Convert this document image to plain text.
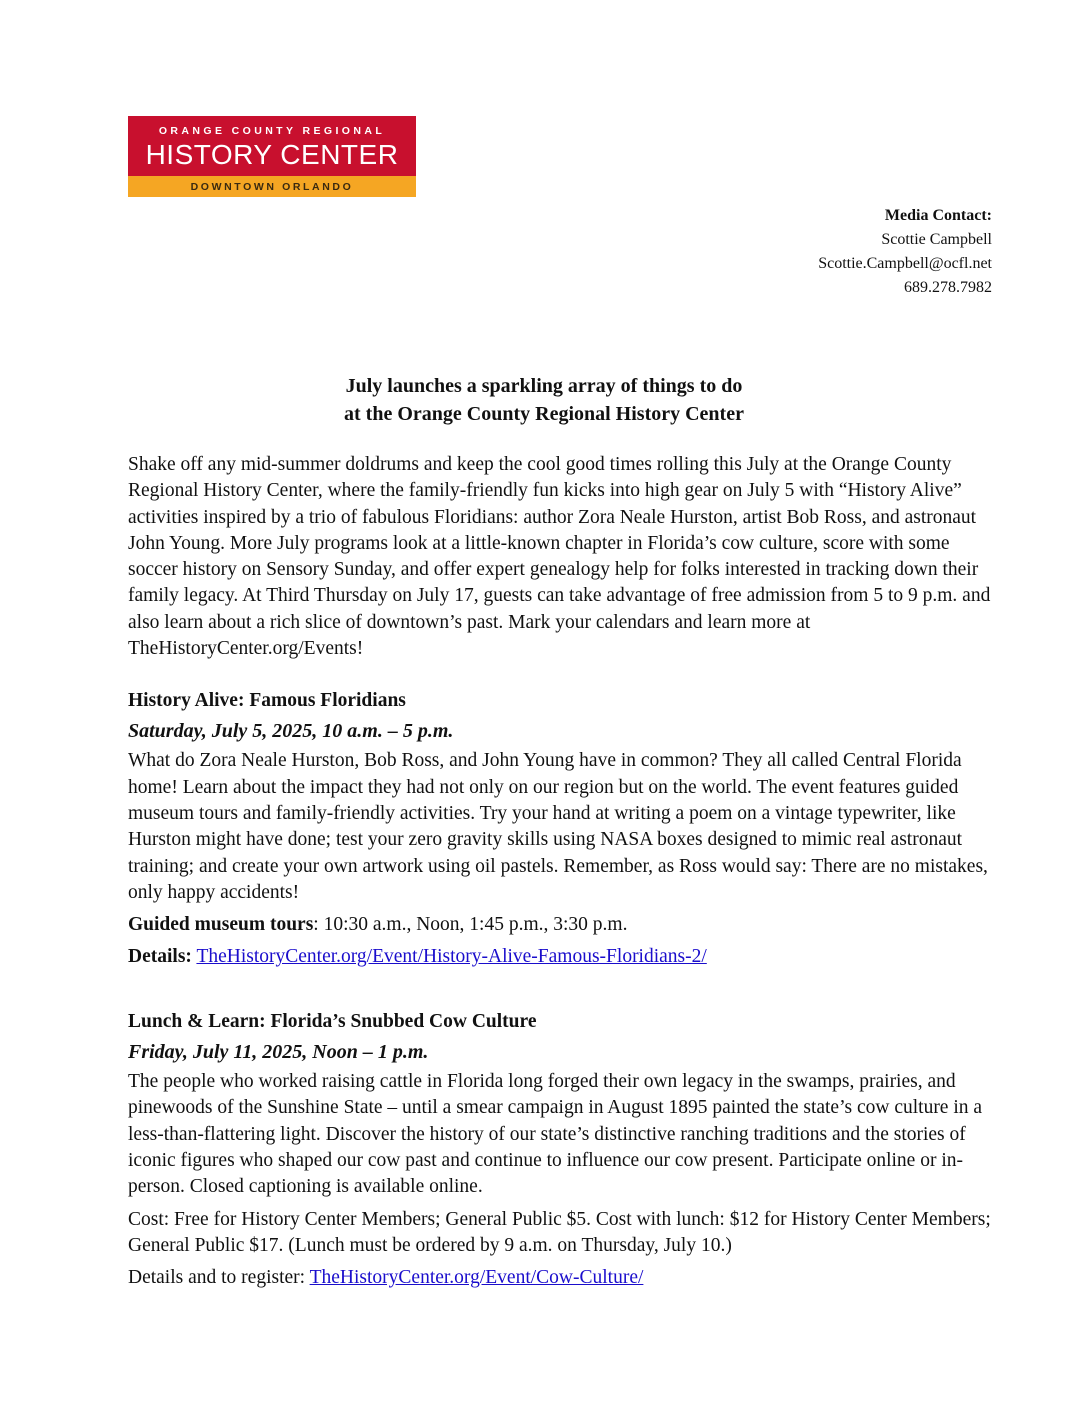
ORANGE COUNTY REGIONAL
HISTORY CENTER
DOWNTOWN ORLANDO
Media Contact:
Scottie Campbell
Scottie.Campbell@ocfl.net
689.278.7982
July launches a sparkling array of things to do
at the Orange County Regional History Center

Shake off any mid-summer doldrums and keep the cool good times rolling this July at the Orange County Regional History Center, where the family-friendly fun kicks into high gear on July 5 with “History Alive” activities inspired by a trio of fabulous Floridians: author Zora Neale Hurston, artist Bob Ross, and astronaut John Young. More July programs look at a little-known chapter in Florida’s cow culture, score with some soccer history on Sensory Sunday, and offer expert genealogy help for folks interested in tracking down their family legacy. At Third Thursday on July 17, guests can take advantage of free admission from 5 to 9 p.m. and also learn about a rich slice of downtown’s past. Mark your calendars and learn more at TheHistoryCenter.org/Events!

History Alive: Famous Floridians

Saturday, July 5, 2025, 10 a.m. – 5 p.m.

What do Zora Neale Hurston, Bob Ross, and John Young have in common? They all called Central Florida home! Learn about the impact they had not only on our region but on the world. The event features guided museum tours and family-friendly activities. Try your hand at writing a poem on a vintage typewriter, like Hurston might have done; test your zero gravity skills using NASA boxes designed to mimic real astronaut training; and create your own artwork using oil pastels. Remember, as Ross would say: There are no mistakes, only happy accidents!

Guided museum tours: 10:30 a.m., Noon, 1:45 p.m., 3:30 p.m.

Details: TheHistoryCenter.org/Event/History-Alive-Famous-Floridians-2/

Lunch & Learn: Florida’s Snubbed Cow Culture

Friday, July 11, 2025, Noon – 1 p.m.

The people who worked raising cattle in Florida long forged their own legacy in the swamps, prairies, and pinewoods of the Sunshine State – until a smear campaign in August 1895 painted the state’s cow culture in a less-than-flattering light. Discover the history of our state’s distinctive ranching traditions and the stories of iconic figures who shaped our cow past and continue to influence our cow present. Participate online or in-person. Closed captioning is available online.

Cost: Free for History Center Members; General Public $5. Cost with lunch: $12 for History Center Members; General Public $17. (Lunch must be ordered by 9 a.m. on Thursday, July 10.)

Details and to register: TheHistoryCenter.org/Event/Cow-Culture/
